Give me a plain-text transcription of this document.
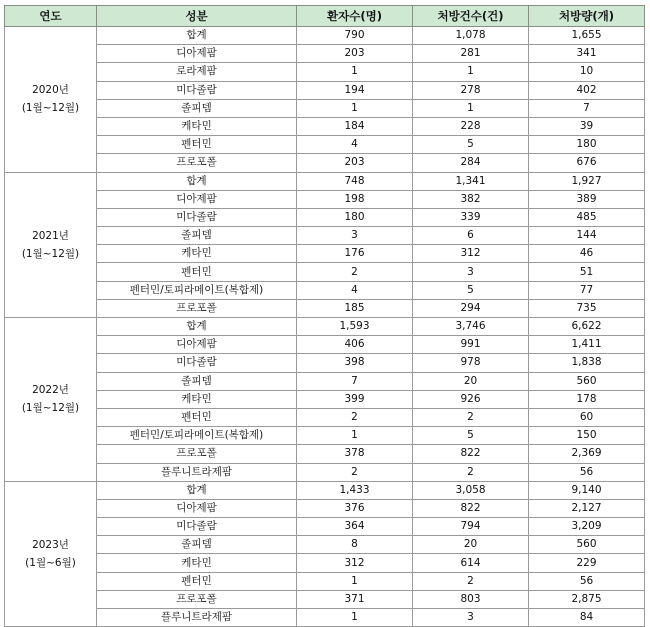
연도	성분	환자수(명)	처방건수(건)	처방량(개)

2020년
(1월~12월)	합계	790	1,078	1,655
	디아제팜	203	281	341
	로라제팜	1	1	10
	미다졸람	194	278	402
	졸피뎀	1	1	7
	케타민	184	228	39
	펜터민	4	5	180
	프로포폴	203	284	676

2021년
(1월~12월)	합계	748	1,341	1,927
	디아제팜	198	382	389
	미다졸람	180	339	485
	졸피뎀	3	6	144
	케타민	176	312	46
	펜터민	2	3	51
	펜터민/토피라메이트(복합제)	4	5	77
	프로포폴	185	294	735

2022년
(1월~12월)	합계	1,593	3,746	6,622
	디아제팜	406	991	1,411
	미다졸람	398	978	1,838
	졸피뎀	7	20	560
	케타민	399	926	178
	펜터민	2	2	60
	펜터민/토피라메이트(복합제)	1	5	150
	프로포폴	378	822	2,369
	플루니트라제팜	2	2	56

2023년
(1월~6월)	합계	1,433	3,058	9,140
	디아제팜	376	822	2,127
	미다졸람	364	794	3,209
	졸피뎀	8	20	560
	케타민	312	614	229
	펜터민	1	2	56
	프로포폴	371	803	2,875
	플루니트라제팜	1	3	84
